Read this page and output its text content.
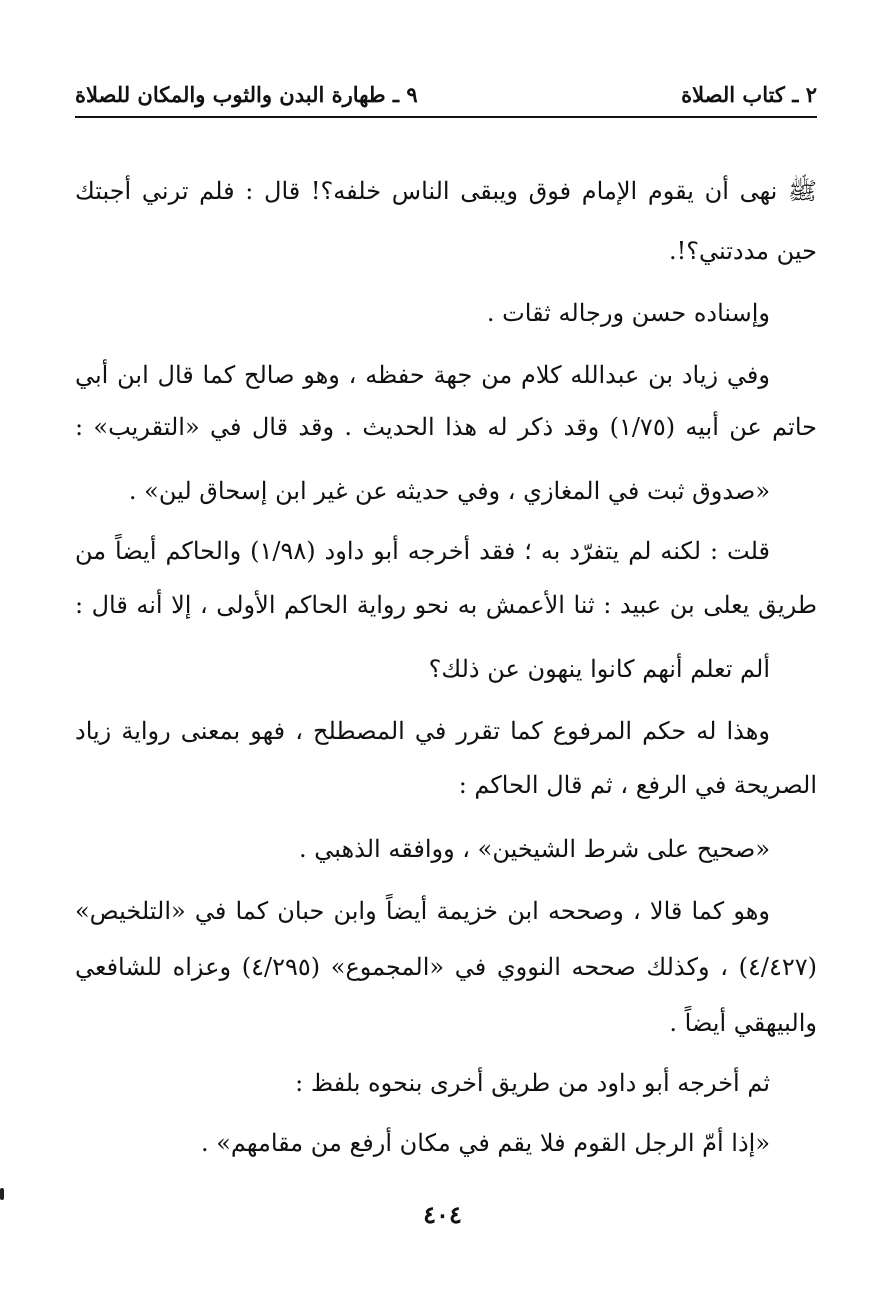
٢ ـ كتاب الصلاة
٩ ـ طهارة البدن والثوب والمكان للصلاة
ﷺ نهى أن يقوم الإمام فوق ويبقى الناس خلفه؟! قال : فلم ترني أجبتك
حين مددتني؟!.
وإسناده حسن ورجاله ثقات .
وفي زياد بن عبدالله كلام من جهة حفظه ، وهو صالح كما قال ابن أبي
حاتم عن أبيه (١/٧٥) وقد ذكر له هذا الحديث . وقد قال في «التقريب» :
«صدوق ثبت في المغازي ، وفي حديثه عن غير ابن إسحاق لين» .
قلت : لكنه لم يتفرّد به ؛ فقد أخرجه أبو داود (١/٩٨) والحاكم أيضاً من
طريق يعلى بن عبيد : ثنا الأعمش به نحو رواية الحاكم الأولى ، إلا أنه قال :
ألم تعلم أنهم كانوا ينهون عن ذلك؟
وهذا له حكم المرفوع كما تقرر في المصطلح ، فهو بمعنى رواية زياد
الصريحة في الرفع ، ثم قال الحاكم :
«صحيح على شرط الشيخين» ، ووافقه الذهبي .
وهو كما قالا ، وصححه ابن خزيمة أيضاً وابن حبان كما في «التلخيص»
(٤/٤٢٧) ، وكذلك صححه النووي في «المجموع» (٤/٢٩٥) وعزاه للشافعي
والبيهقي أيضاً .
ثم أخرجه أبو داود من طريق أخرى بنحوه بلفظ :
«إذا أمّ الرجل القوم فلا يقم في مكان أرفع من مقامهم» .
٤٠٤
